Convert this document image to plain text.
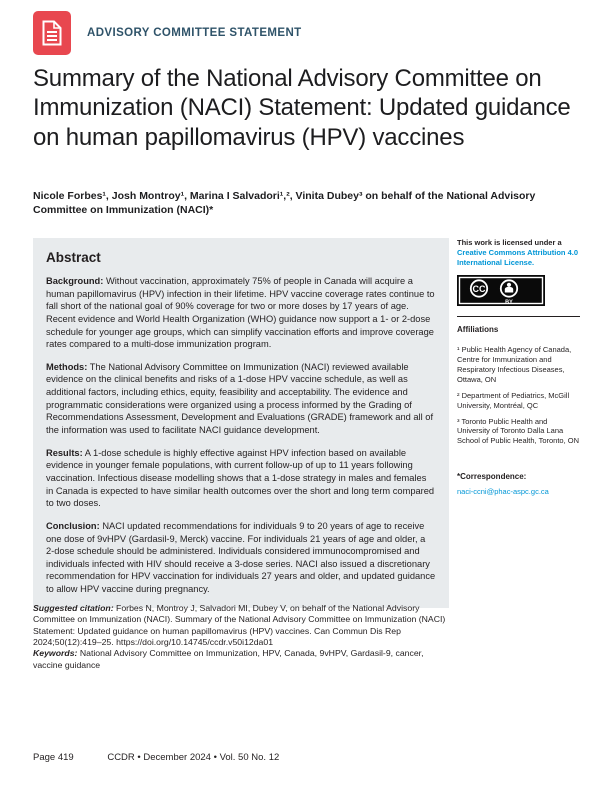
ADVISORY COMMITTEE STATEMENT
Summary of the National Advisory Committee on Immunization (NACI) Statement: Updated guidance on human papillomavirus (HPV) vaccines
Nicole Forbes¹, Josh Montroy¹, Marina I Salvadori¹,², Vinita Dubey³ on behalf of the National Advisory Committee on Immunization (NACI)*
Abstract

Background: Without vaccination, approximately 75% of people in Canada will acquire a human papillomavirus (HPV) infection in their lifetime. HPV vaccine coverage rates continue to fall short of the national goal of 90% coverage for two or more doses by 17 years of age. Recent evidence and World Health Organization (WHO) guidance now support a 1- or 2-dose schedule for younger age groups, which can simplify vaccination efforts and improve coverage rates compared to a multi-dose immunization program.

Methods: The National Advisory Committee on Immunization (NACI) reviewed available evidence on the clinical benefits and risks of a 1-dose HPV vaccine schedule, as well as additional factors, including ethics, equity, feasibility and acceptability. The evidence and programmatic considerations were organized using a process informed by the Grading of Recommendations Assessment, Development and Evaluations (GRADE) framework and all of the information was used to facilitate NACI guidance development.

Results: A 1-dose schedule is highly effective against HPV infection based on available evidence in younger female populations, with current follow-up of up to 11 years following vaccination. Infectious disease modelling shows that a 1-dose strategy in males and females in Canada is expected to have similar health outcomes over the short and long term compared to two doses.

Conclusion: NACI updated recommendations for individuals 9 to 20 years of age to receive one dose of 9vHPV (Gardasil-9, Merck) vaccine. For individuals 21 years of age and older, a 2-dose schedule should be administered. Individuals considered immunocompromised and individuals infected with HIV should receive a 3-dose series. NACI also issued a discretionary recommendation for HPV vaccination for individuals 27 years and older, and updated guidance to allow HPV vaccine during pregnancy.

Suggested citation: Forbes N, Montroy J, Salvadori MI, Dubey V, on behalf of the National Advisory Committee on Immunization (NACI). Summary of the National Advisory Committee on Immunization (NACI) Statement: Updated guidance on human papillomavirus (HPV) vaccines. Can Commun Dis Rep 2024;50(12):419–25. https://doi.org/10.14745/ccdr.v50i12da01

Keywords: National Advisory Committee on Immunization, HPV, Canada, 9vHPV, Gardasil-9, cancer, vaccine guidance

This work is licensed under a Creative Commons Attribution 4.0 International License.
CC
BY
Affiliations

¹ Public Health Agency of Canada, Centre for Immunization and Respiratory Infectious Diseases, Ottawa, ON

² Department of Pediatrics, McGill University, Montréal, QC

³ Toronto Public Health and University of Toronto Dalla Lana School of Public Health, Toronto, ON

*Correspondence:
naci-ccni@phac-aspc.gc.ca
Page 419	CCDR • December 2024 • Vol. 50 No. 12
